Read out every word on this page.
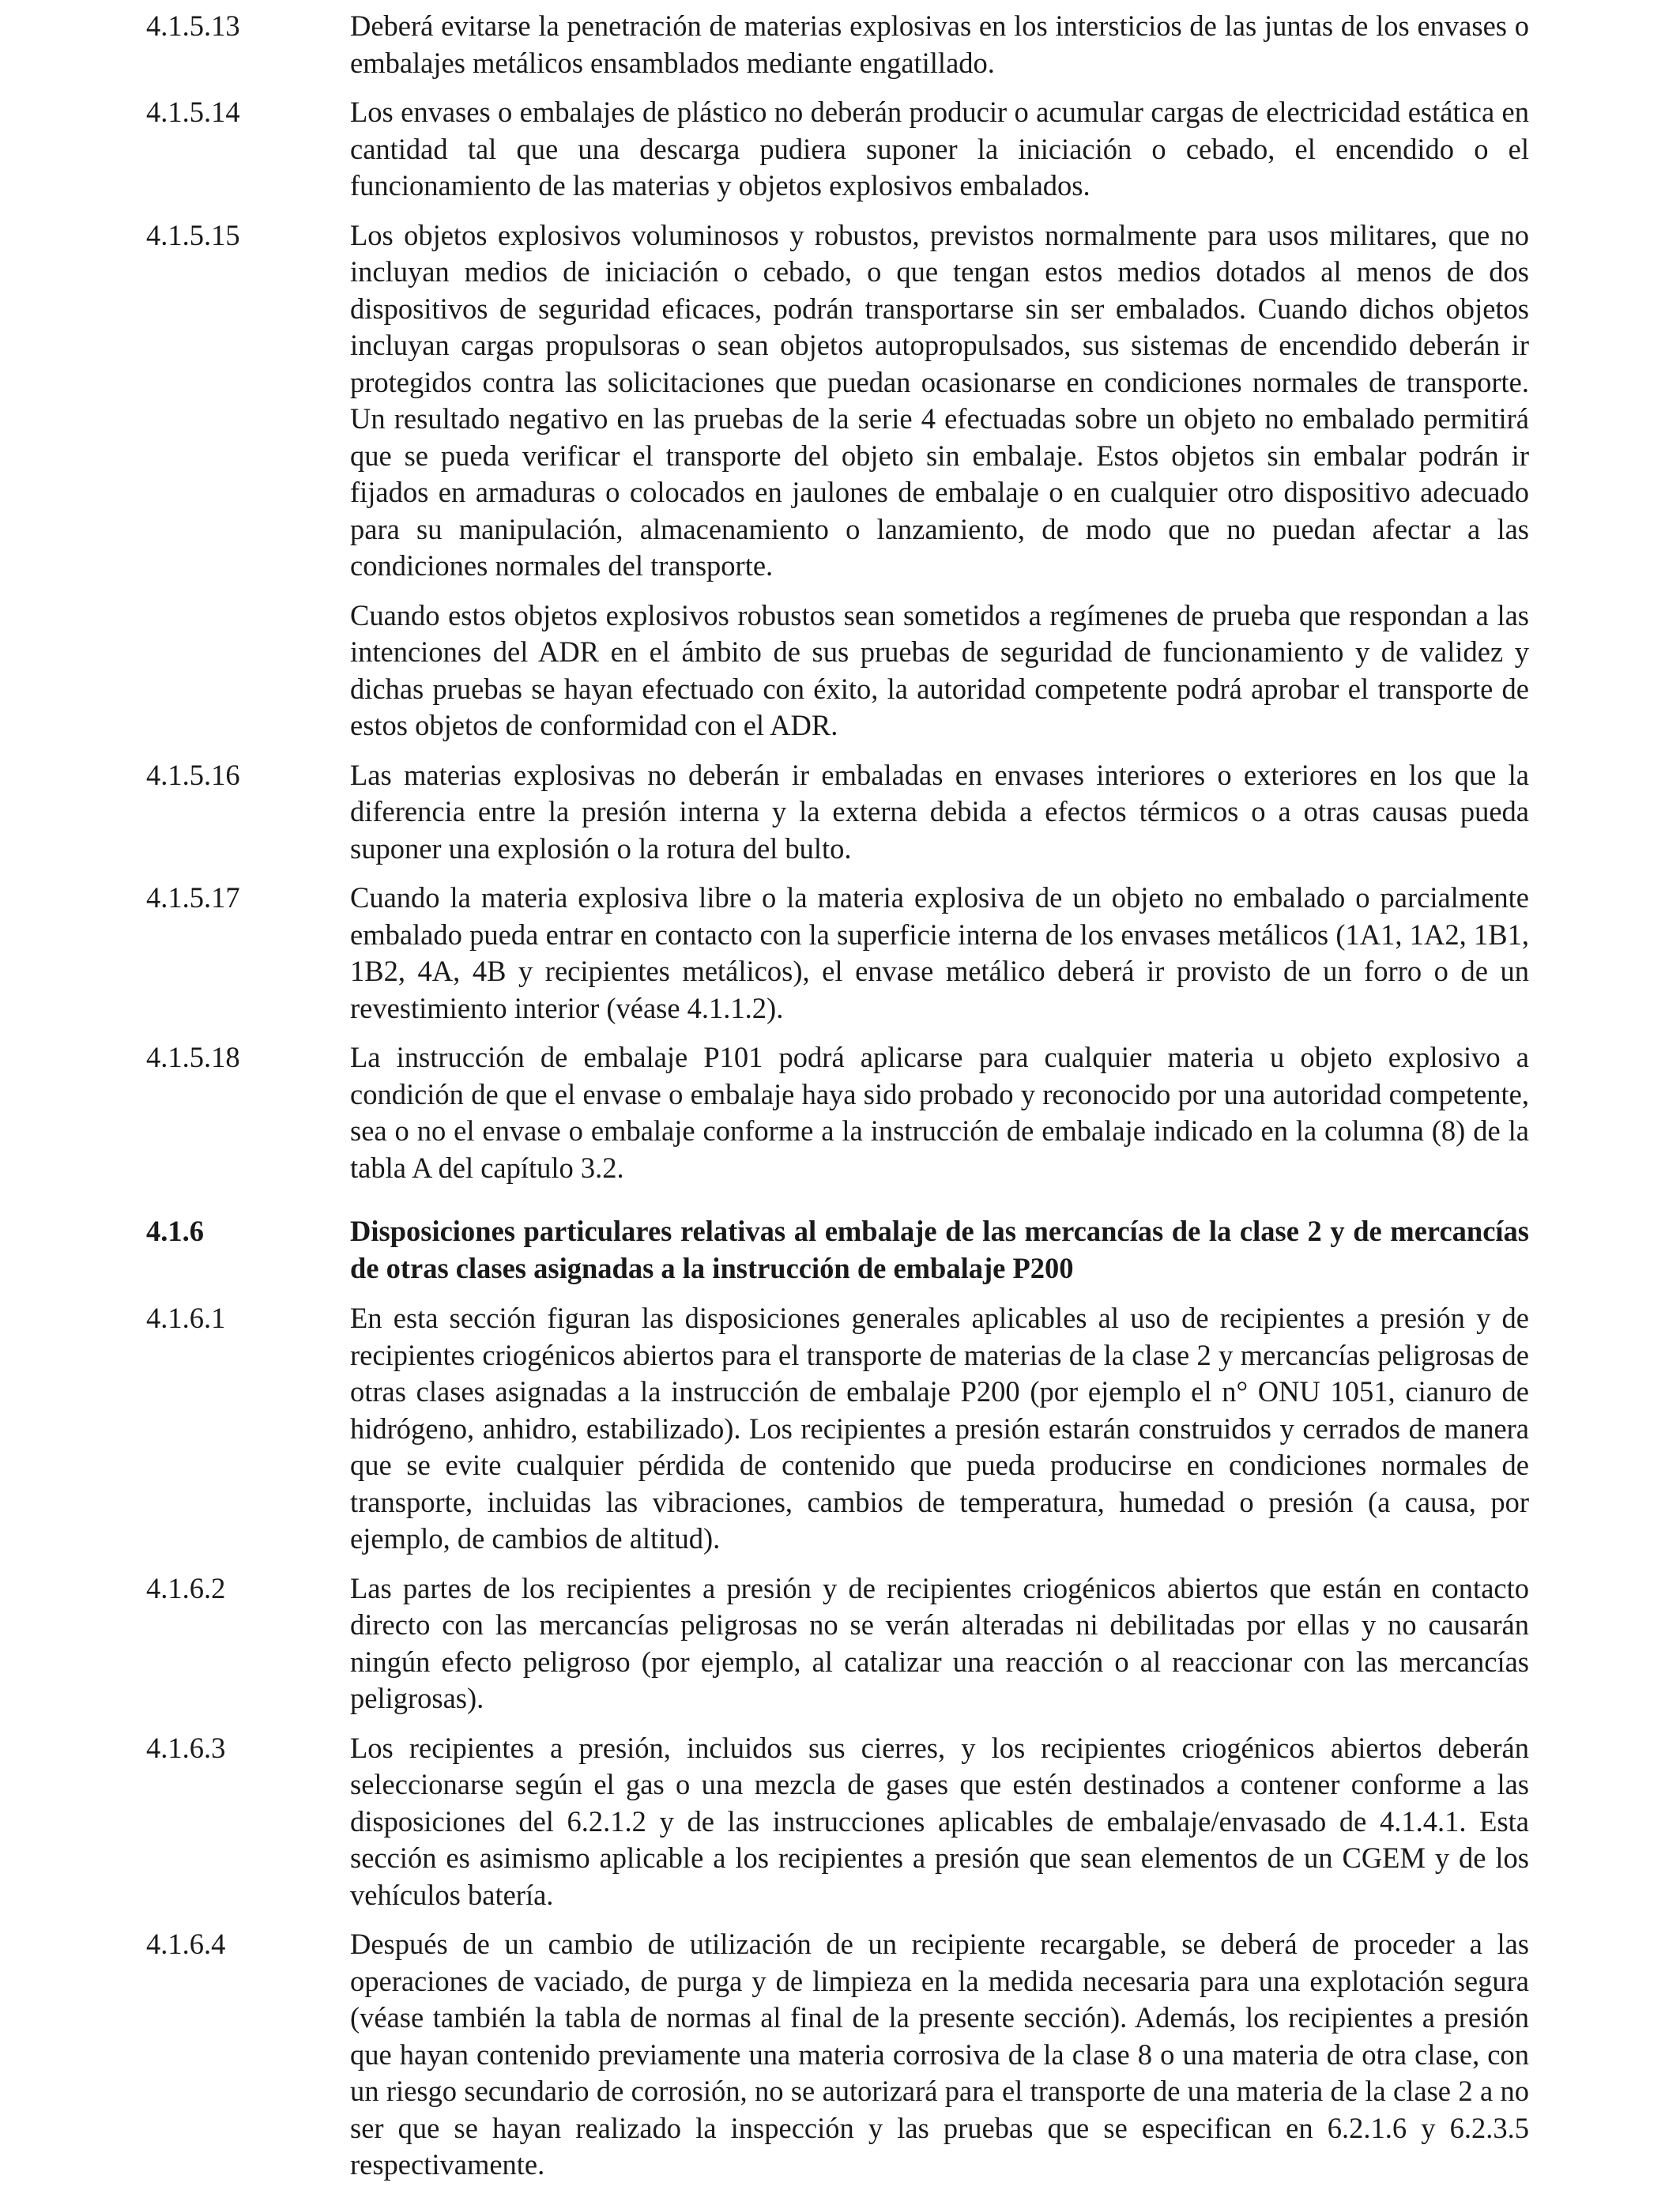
4.1.5.13	Deberá evitarse la penetración de materias explosivas en los intersticios de las juntas de los envases o embalajes metálicos ensamblados mediante engatillado.
4.1.5.14	Los envases o embalajes de plástico no deberán producir o acumular cargas de electricidad estática en cantidad tal que una descarga pudiera suponer la iniciación o cebado, el encendido o el funcionamiento de las materias y objetos explosivos embalados.
4.1.5.15	Los objetos explosivos voluminosos y robustos, previstos normalmente para usos militares, que no incluyan medios de iniciación o cebado, o que tengan estos medios dotados al menos de dos dispositivos de seguridad eficaces, podrán transportarse sin ser embalados. Cuando dichos objetos incluyan cargas propulsoras o sean objetos autopropulsados, sus sistemas de encendido deberán ir protegidos contra las solicitaciones que puedan ocasionarse en condiciones normales de transporte. Un resultado negativo en las pruebas de la serie 4 efectuadas sobre un objeto no embalado permitirá que se pueda verificar el transporte del objeto sin embalaje. Estos objetos sin embalar podrán ir fijados en armaduras o colocados en jaulones de embalaje o en cualquier otro dispositivo adecuado para su manipulación, almacenamiento o lanzamiento, de modo que no puedan afectar a las condiciones normales del transporte.
Cuando estos objetos explosivos robustos sean sometidos a regímenes de prueba que respondan a las intenciones del ADR en el ámbito de sus pruebas de seguridad de funcionamiento y de validez y dichas pruebas se hayan efectuado con éxito, la autoridad competente podrá aprobar el transporte de estos objetos de conformidad con el ADR.
4.1.5.16	Las materias explosivas no deberán ir embaladas en envases interiores o exteriores en los que la diferencia entre la presión interna y la externa debida a efectos térmicos o a otras causas pueda suponer una explosión o la rotura del bulto.
4.1.5.17	Cuando la materia explosiva libre o la materia explosiva de un objeto no embalado o parcialmente embalado pueda entrar en contacto con la superficie interna de los envases metálicos (1A1, 1A2, 1B1, 1B2, 4A, 4B y recipientes metálicos), el envase metálico deberá ir provisto de un forro o de un revestimiento interior (véase 4.1.1.2).
4.1.5.18	La instrucción de embalaje P101 podrá aplicarse para cualquier materia u objeto explosivo a condición de que el envase o embalaje haya sido probado y reconocido por una autoridad competente, sea o no el envase o embalaje conforme a la instrucción de embalaje indicado en la columna (8) de la tabla A del capítulo 3.2.
4.1.6	Disposiciones particulares relativas al embalaje de las mercancías de la clase 2 y de mercancías de otras clases asignadas a la instrucción de embalaje P200
4.1.6.1	En esta sección figuran las disposiciones generales aplicables al uso de recipientes a presión y de recipientes criogénicos abiertos para el transporte de materias de la clase 2 y mercancías peligrosas de otras clases asignadas a la instrucción de embalaje P200 (por ejemplo el n° ONU 1051, cianuro de hidrógeno, anhidro, estabilizado). Los recipientes a presión estarán construidos y cerrados de manera que se evite cualquier pérdida de contenido que pueda producirse en condiciones normales de transporte, incluidas las vibraciones, cambios de temperatura, humedad o presión (a causa, por ejemplo, de cambios de altitud).
4.1.6.2	Las partes de los recipientes a presión y de recipientes criogénicos abiertos que están en contacto directo con las mercancías peligrosas no se verán alteradas ni debilitadas por ellas y no causarán ningún efecto peligroso (por ejemplo, al catalizar una reacción o al reaccionar con las mercancías peligrosas).
4.1.6.3	Los recipientes a presión, incluidos sus cierres, y los recipientes criogénicos abiertos deberán seleccionarse según el gas o una mezcla de gases que estén destinados a contener conforme a las disposiciones del 6.2.1.2 y de las instrucciones aplicables de embalaje/envasado de 4.1.4.1. Esta sección es asimismo aplicable a los recipientes a presión que sean elementos de un CGEM y de los vehículos batería.
4.1.6.4	Después de un cambio de utilización de un recipiente recargable, se deberá de proceder a las operaciones de vaciado, de purga y de limpieza en la medida necesaria para una explotación segura (véase también la tabla de normas al final de la presente sección). Además, los recipientes a presión que hayan contenido previamente una materia corrosiva de la clase 8 o una materia de otra clase, con un riesgo secundario de corrosión, no se autorizará para el transporte de una materia de la clase 2 a no ser que se hayan realizado la inspección y las pruebas que se especifican en 6.2.1.6 y 6.2.3.5 respectivamente.
